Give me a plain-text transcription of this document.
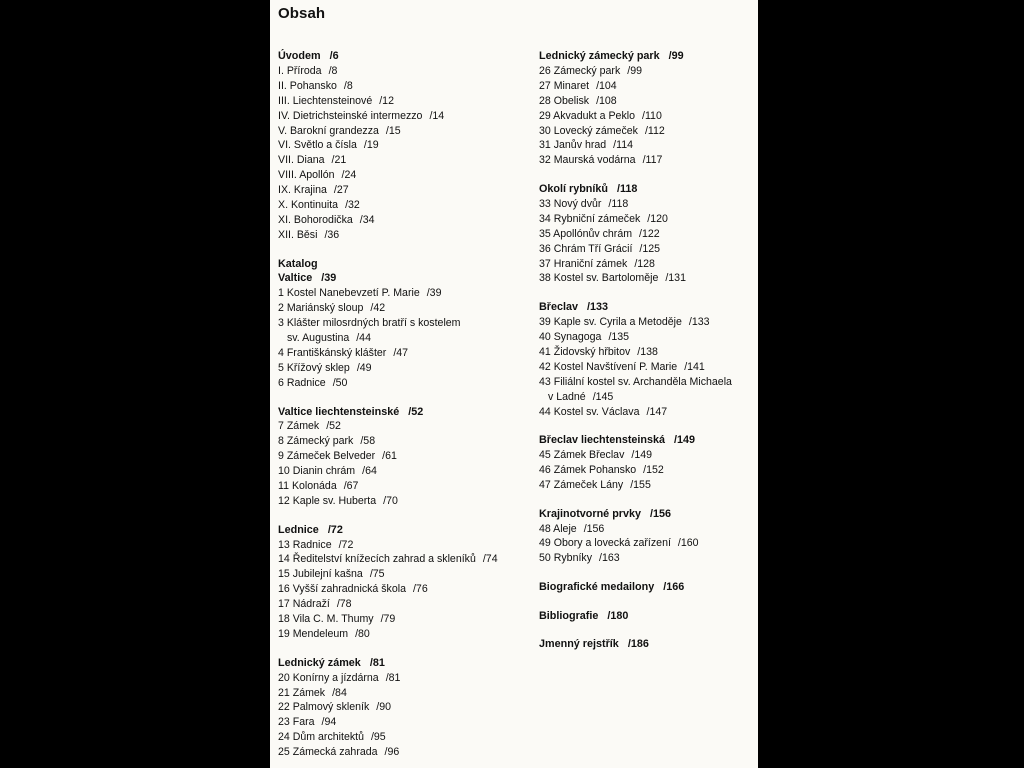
Obsah
Úvodem /6
I. Příroda /8
II. Pohansko /8
III. Liechtensteinové /12
IV. Dietrichsteinské intermezzo /14
V. Barokní grandezza /15
VI. Světlo a čísla /19
VII. Diana /21
VIII. Apollón /24
IX. Krajina /27
X. Kontinuita /32
XI. Bohorodička /34
XII. Běsi /36
Katalog
Valtice /39
1 Kostel Nanebevzetí P. Marie /39
2 Mariánský sloup /42
3 Klášter milosrdných bratří s kostelem
sv. Augustina /44
4 Františkánský klášter /47
5 Křížový sklep /49
6 Radnice /50
Valtice liechtensteinské /52
7 Zámek /52
8 Zámecký park /58
9 Zámeček Belveder /61
10 Dianin chrám /64
11 Kolonáda /67
12 Kaple sv. Huberta /70
Lednice /72
13 Radnice /72
14 Ředitelství knížecích zahrad a skleníků /74
15 Jubilejní kašna /75
16 Vyšší zahradnická škola /76
17 Nádraží /78
18 Vila C. M. Thumy /79
19 Mendeleum /80
Lednický zámek /81
20 Konírny a jízdárna /81
21 Zámek /84
22 Palmový skleník /90
23 Fara /94
24 Dům architektů /95
25 Zámecká zahrada /96
Lednický zámecký park /99
26 Zámecký park /99
27 Minaret /104
28 Obelisk /108
29 Akvadukt a Peklo /110
30 Lovecký zámeček /112
31 Janův hrad /114
32 Maurská vodárna /117
Okolí rybníků /118
33 Nový dvůr /118
34 Rybniční zámeček /120
35 Apollónův chrám /122
36 Chrám Tří Grácií /125
37 Hraniční zámek /128
38 Kostel sv. Bartoloměje /131
Břeclav /133
39 Kaple sv. Cyrila a Metoděje /133
40 Synagoga /135
41 Židovský hřbitov /138
42 Kostel Navštívení P. Marie /141
43 Filiální kostel sv. Archanděla Michaela
v Ladné /145
44 Kostel sv. Václava /147
Břeclav liechtensteinská /149
45 Zámek Břeclav /149
46 Zámek Pohansko /152
47 Zámeček Lány /155
Krajinotvorné prvky /156
48 Aleje /156
49 Obory a lovecká zařízení /160
50 Rybníky /163
Biografické medailony /166
Bibliografie /180
Jmenný rejstřík /186
